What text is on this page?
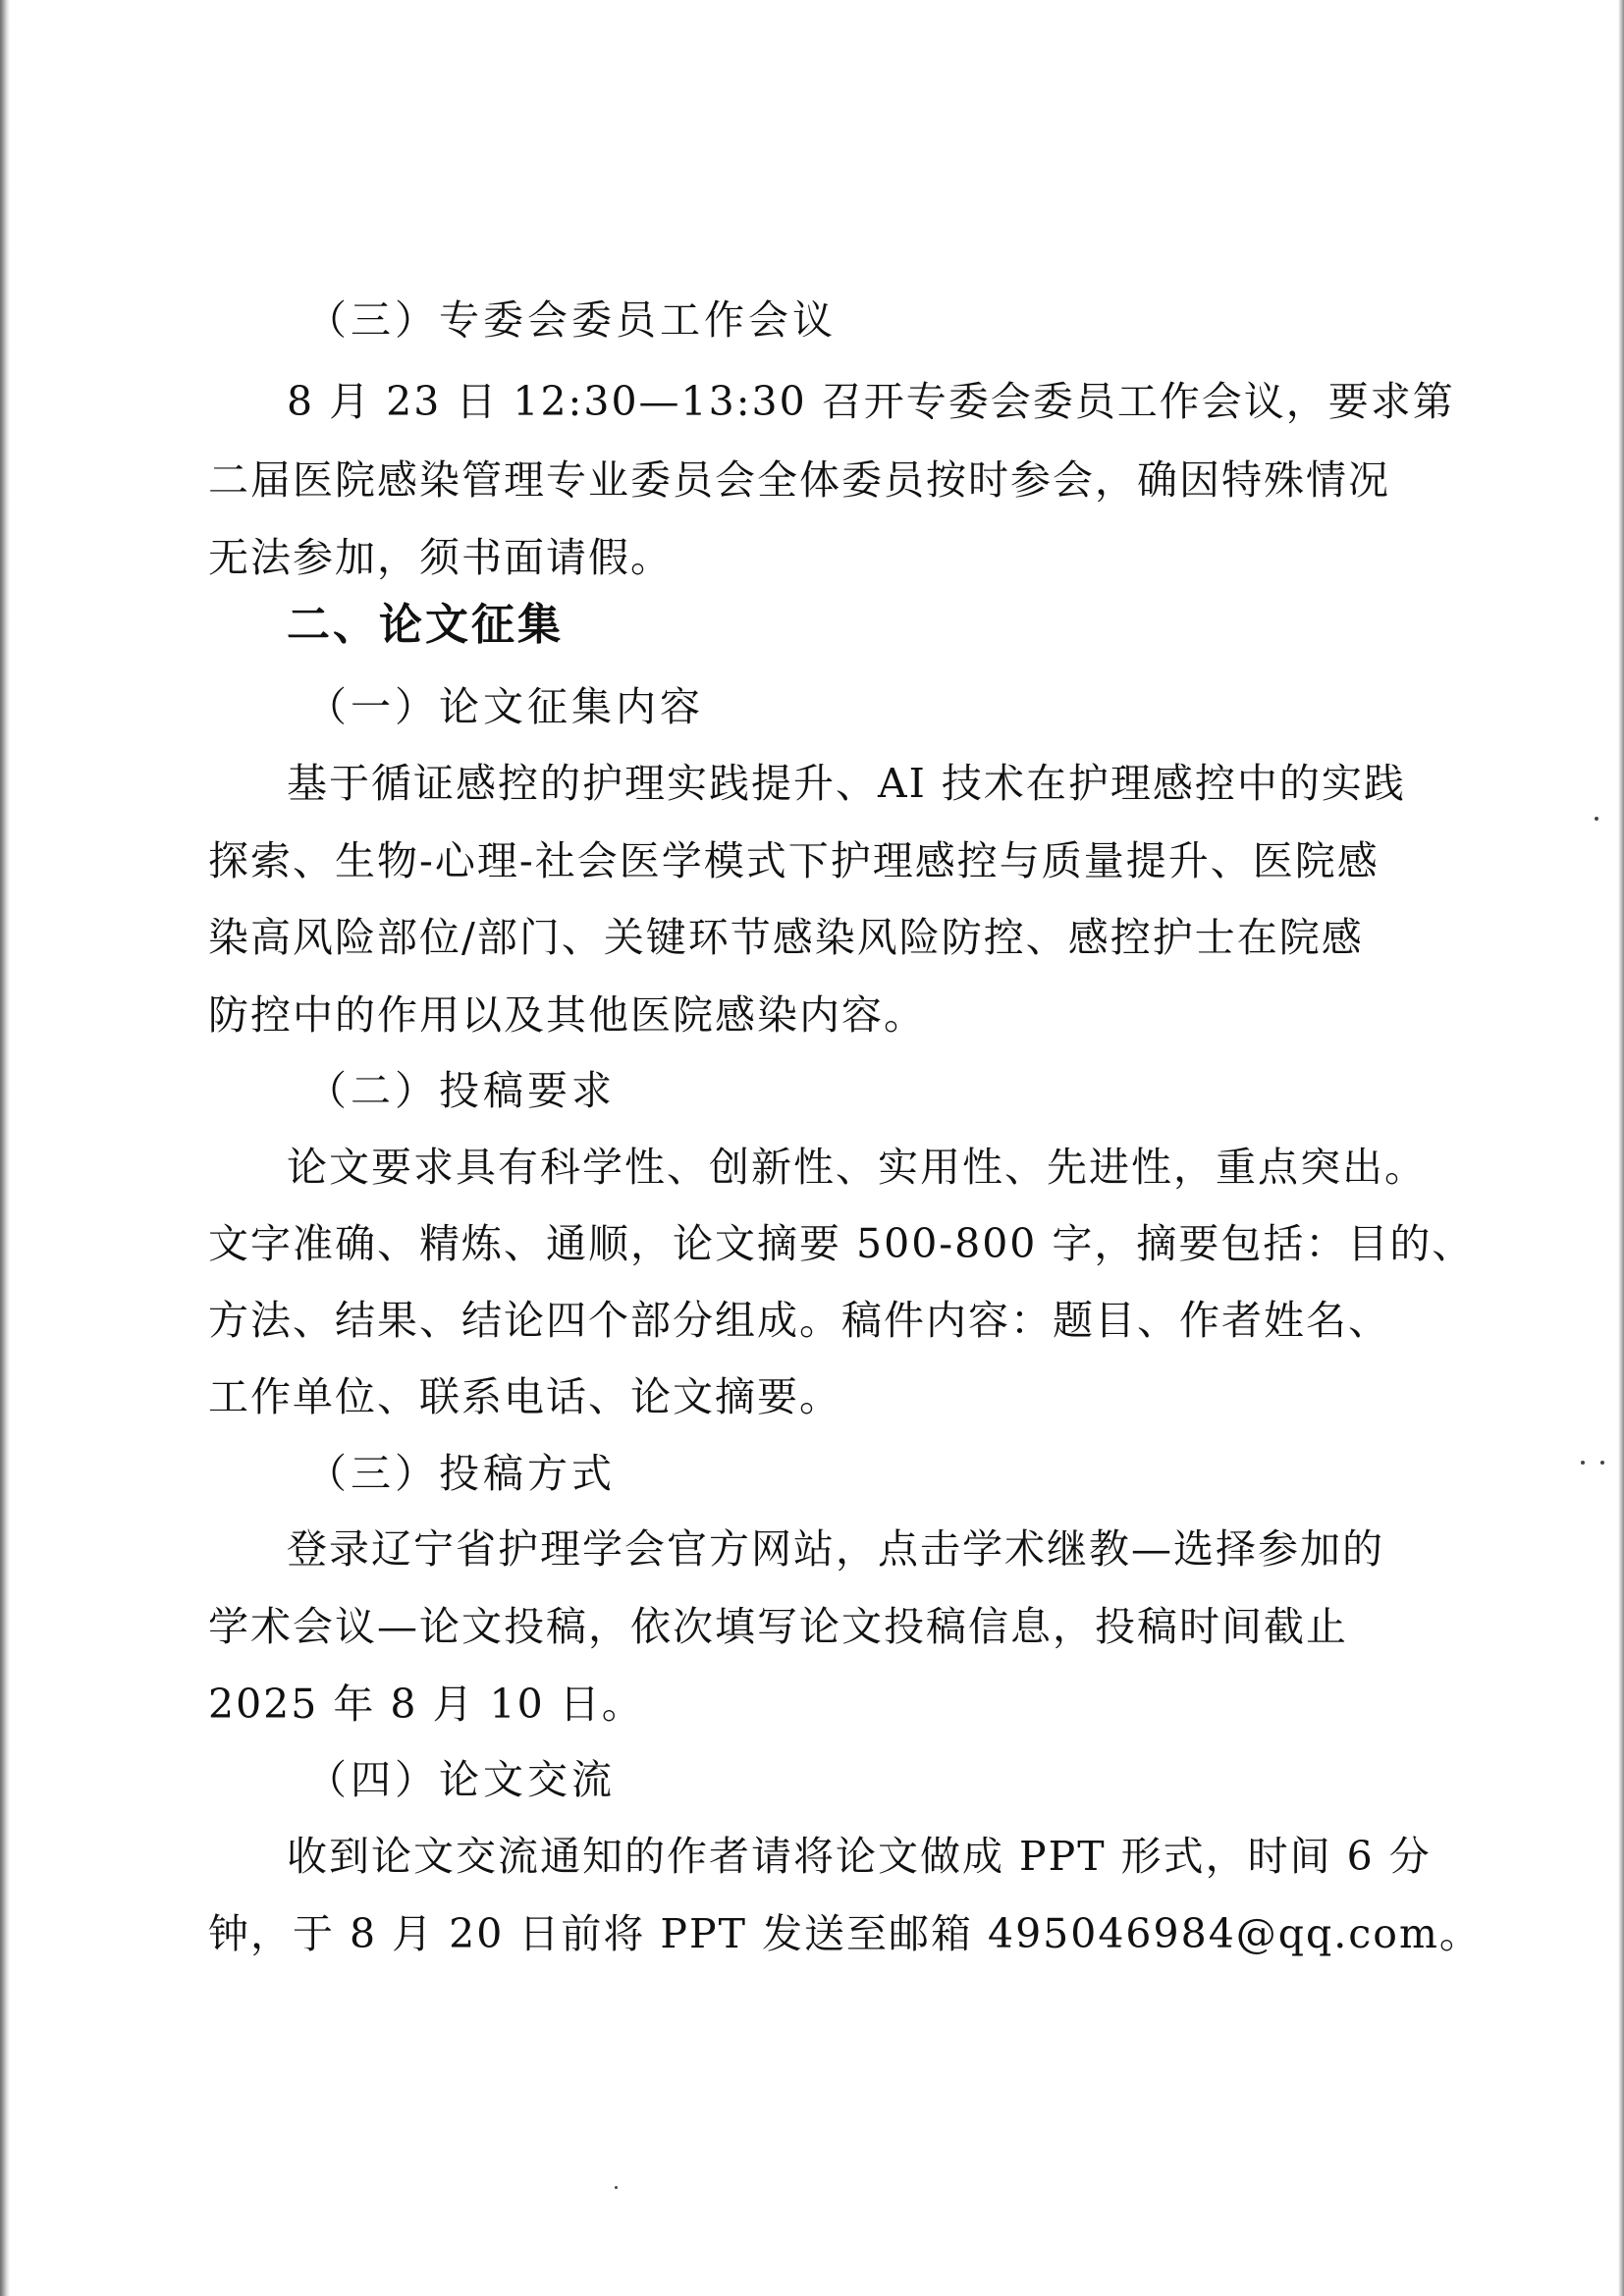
（三）专委会委员工作会议
8 月 23 日 12:30—13:30 召开专委会委员工作会议，要求第
二届医院感染管理专业委员会全体委员按时参会，确因特殊情况
无法参加，须书面请假。
二、论文征集
（一）论文征集内容
基于循证感控的护理实践提升、AI 技术在护理感控中的实践
探索、生物-心理-社会医学模式下护理感控与质量提升、医院感
染高风险部位/部门、关键环节感染风险防控、感控护士在院感
防控中的作用以及其他医院感染内容。
（二）投稿要求
论文要求具有科学性、创新性、实用性、先进性，重点突出。
文字准确、精炼、通顺，论文摘要 500-800 字，摘要包括：目的、
方法、结果、结论四个部分组成。稿件内容：题目、作者姓名、
工作单位、联系电话、论文摘要。
（三）投稿方式
登录辽宁省护理学会官方网站，点击学术继教—选择参加的
学术会议—论文投稿，依次填写论文投稿信息，投稿时间截止
2025 年 8 月 10 日。
（四）论文交流
收到论文交流通知的作者请将论文做成 PPT 形式，时间 6 分
钟，于 8 月 20 日前将 PPT 发送至邮箱 495046984@qq.com。
